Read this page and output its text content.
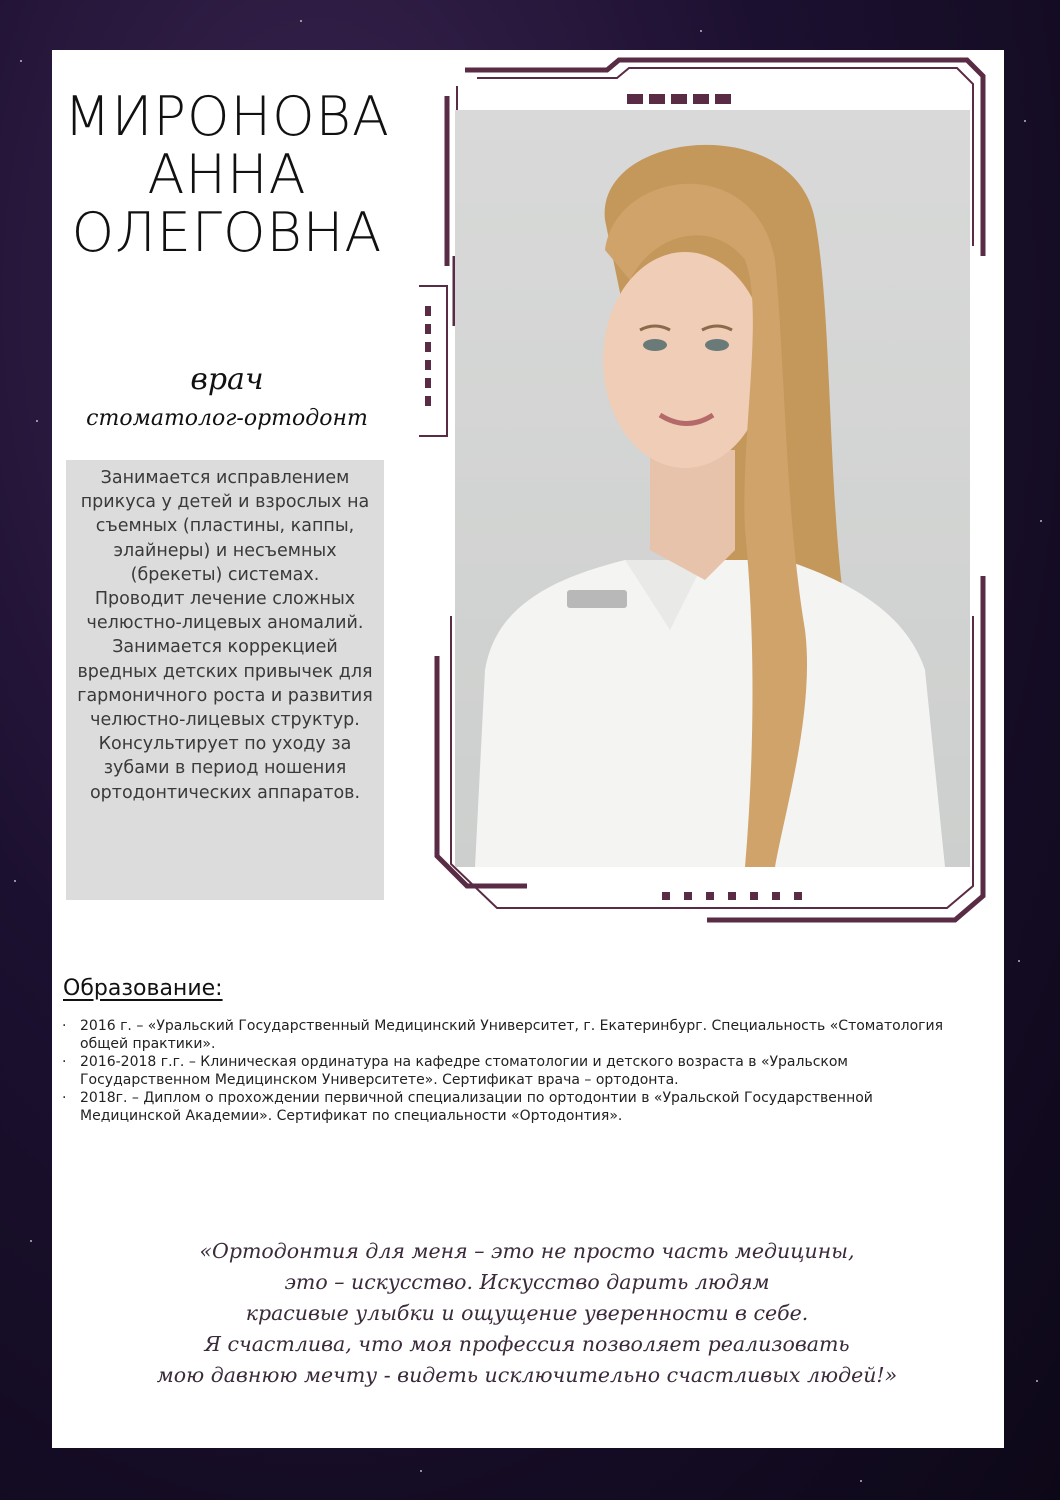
МИРОНОВА
АННА
ОЛЕГОВНА
врач
стоматолог-ортодонт

Занимается исправлением прикуса у детей и взрослых на съемных (пластины, каппы, элайнеры) и несъемных (брекеты) системах.

Проводит лечение сложных челюстно-лицевых аномалий.

Занимается коррекцией вредных детских привычек для гармоничного роста и развития челюстно-лицевых структур.

Консультирует по уходу за зубами в период ношения ортодонтических аппаратов.

Образование:
· 2016 г. – «Уральский Государственный Медицинский Университет, г. Екатеринбург. Специальность «Стоматология общей практики».
· 2016-2018 г.г. – Клиническая ординатура на кафедре стоматологии и детского возраста в «Уральском Государственном Медицинском Университете». Сертификат врача – ортодонта.
· 2018г. – Диплом о прохождении первичной специализации по ортодонтии в «Уральской Государственной Медицинской Академии». Сертификат по специальности «Ортодонтия».
«Ортодонтия для меня – это не просто часть медицины,
это – искусство. Искусство дарить людям
красивые улыбки и ощущение уверенности в себе.
Я счастлива, что моя профессия позволяет реализовать
мою давнюю мечту - видеть исключительно счастливых людей!»
